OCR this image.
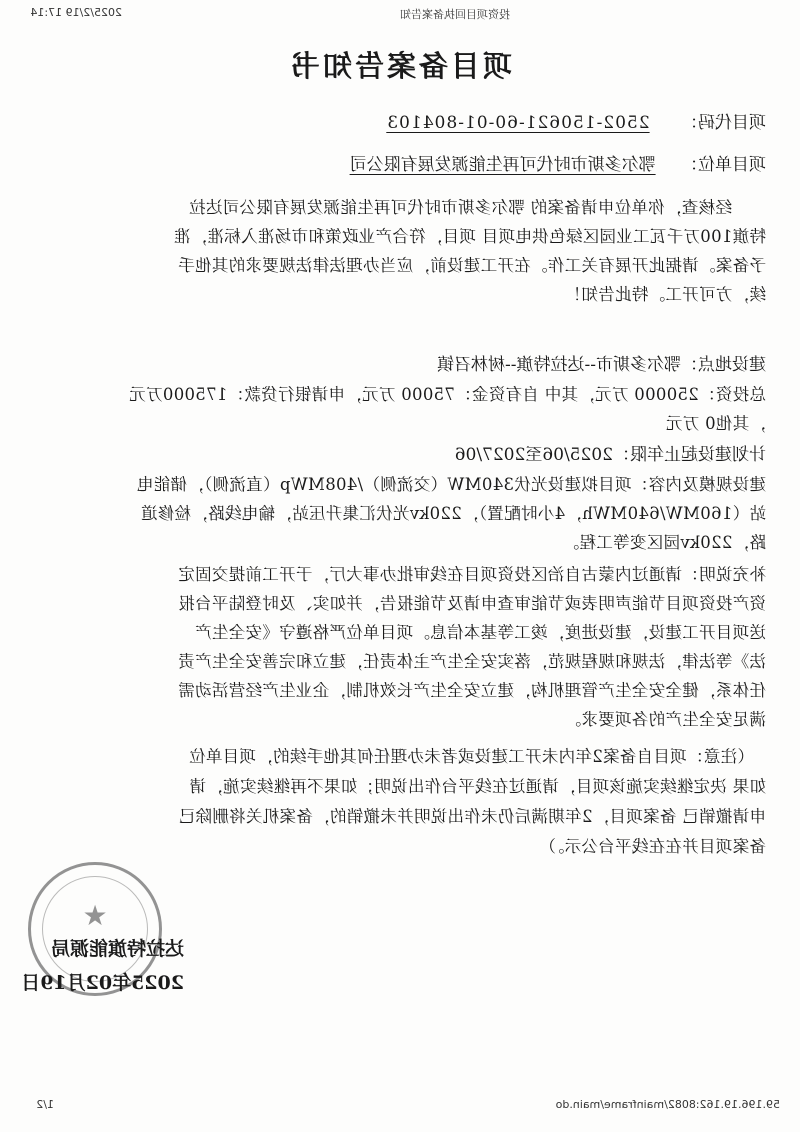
2025/2/19 17:14	投资项目回执备案告知
项目备案告知书
项目代码： 2502-150621-60-01-804103
项目单位： 鄂尔多斯市时代可再生能源发展有限公司
经核查，你单位申请备案的 鄂尔多斯市时代可再生能源发展有限公司达拉
特旗100万千瓦工业园区绿色供电项目 项目，符合产业政策和市场准入标准，准
予备案。请据此开展有关工作。在开工建设前，应当办理法律法规要求的其他手
续，方可开工。特此告知！
建设地点：鄂尔多斯市--达拉特旗--树林召镇
总投资：250000 万元，其中 自有资金：75000 万元，申请银行贷款：175000万元
，其他0 万元
计划建设起止年限：2025/06至2027/06
建设规模及内容：项目拟建设光伏340MW（交流侧）/408MWp（直流侧），储能电
站（160MW/640MWh，4小时配置），220kv光伏汇集升压站，输电线路，检修道
路，220kv园区变等工程。
补充说明：请通过内蒙古自治区投资项目在线审批办事大厅，于开工前提交固定
资产投资项目节能声明表或节能审查申请及节能报告，并如实、及时登陆平台报
送项目开工建设，建设进度，竣工等基本信息。项目单位严格遵守《安全生产
法》等法律，法规和规程规范，落实安全生产主体责任，建立和完善安全生产责
任体系，健全安全生产管理机构，建立安全生产长效机制，企业生产经营活动需
满足安全生产的各项要求。
（注意：项目自备案2年内未开工建设或者未办理任何其他手续的，项目单位
如果 决定继续实施该项目，请通过在线平台作出说明；如果不再继续实施，请
申请撤销已 备案项目，2年期满后仍未作出说明并未撤销的，备案机关将删除已
备案项目并在在线平台公示。）
★
达拉特旗能源局
2025年02月19日
59.196.19.162:8082/mainframe/main.do
1/2
